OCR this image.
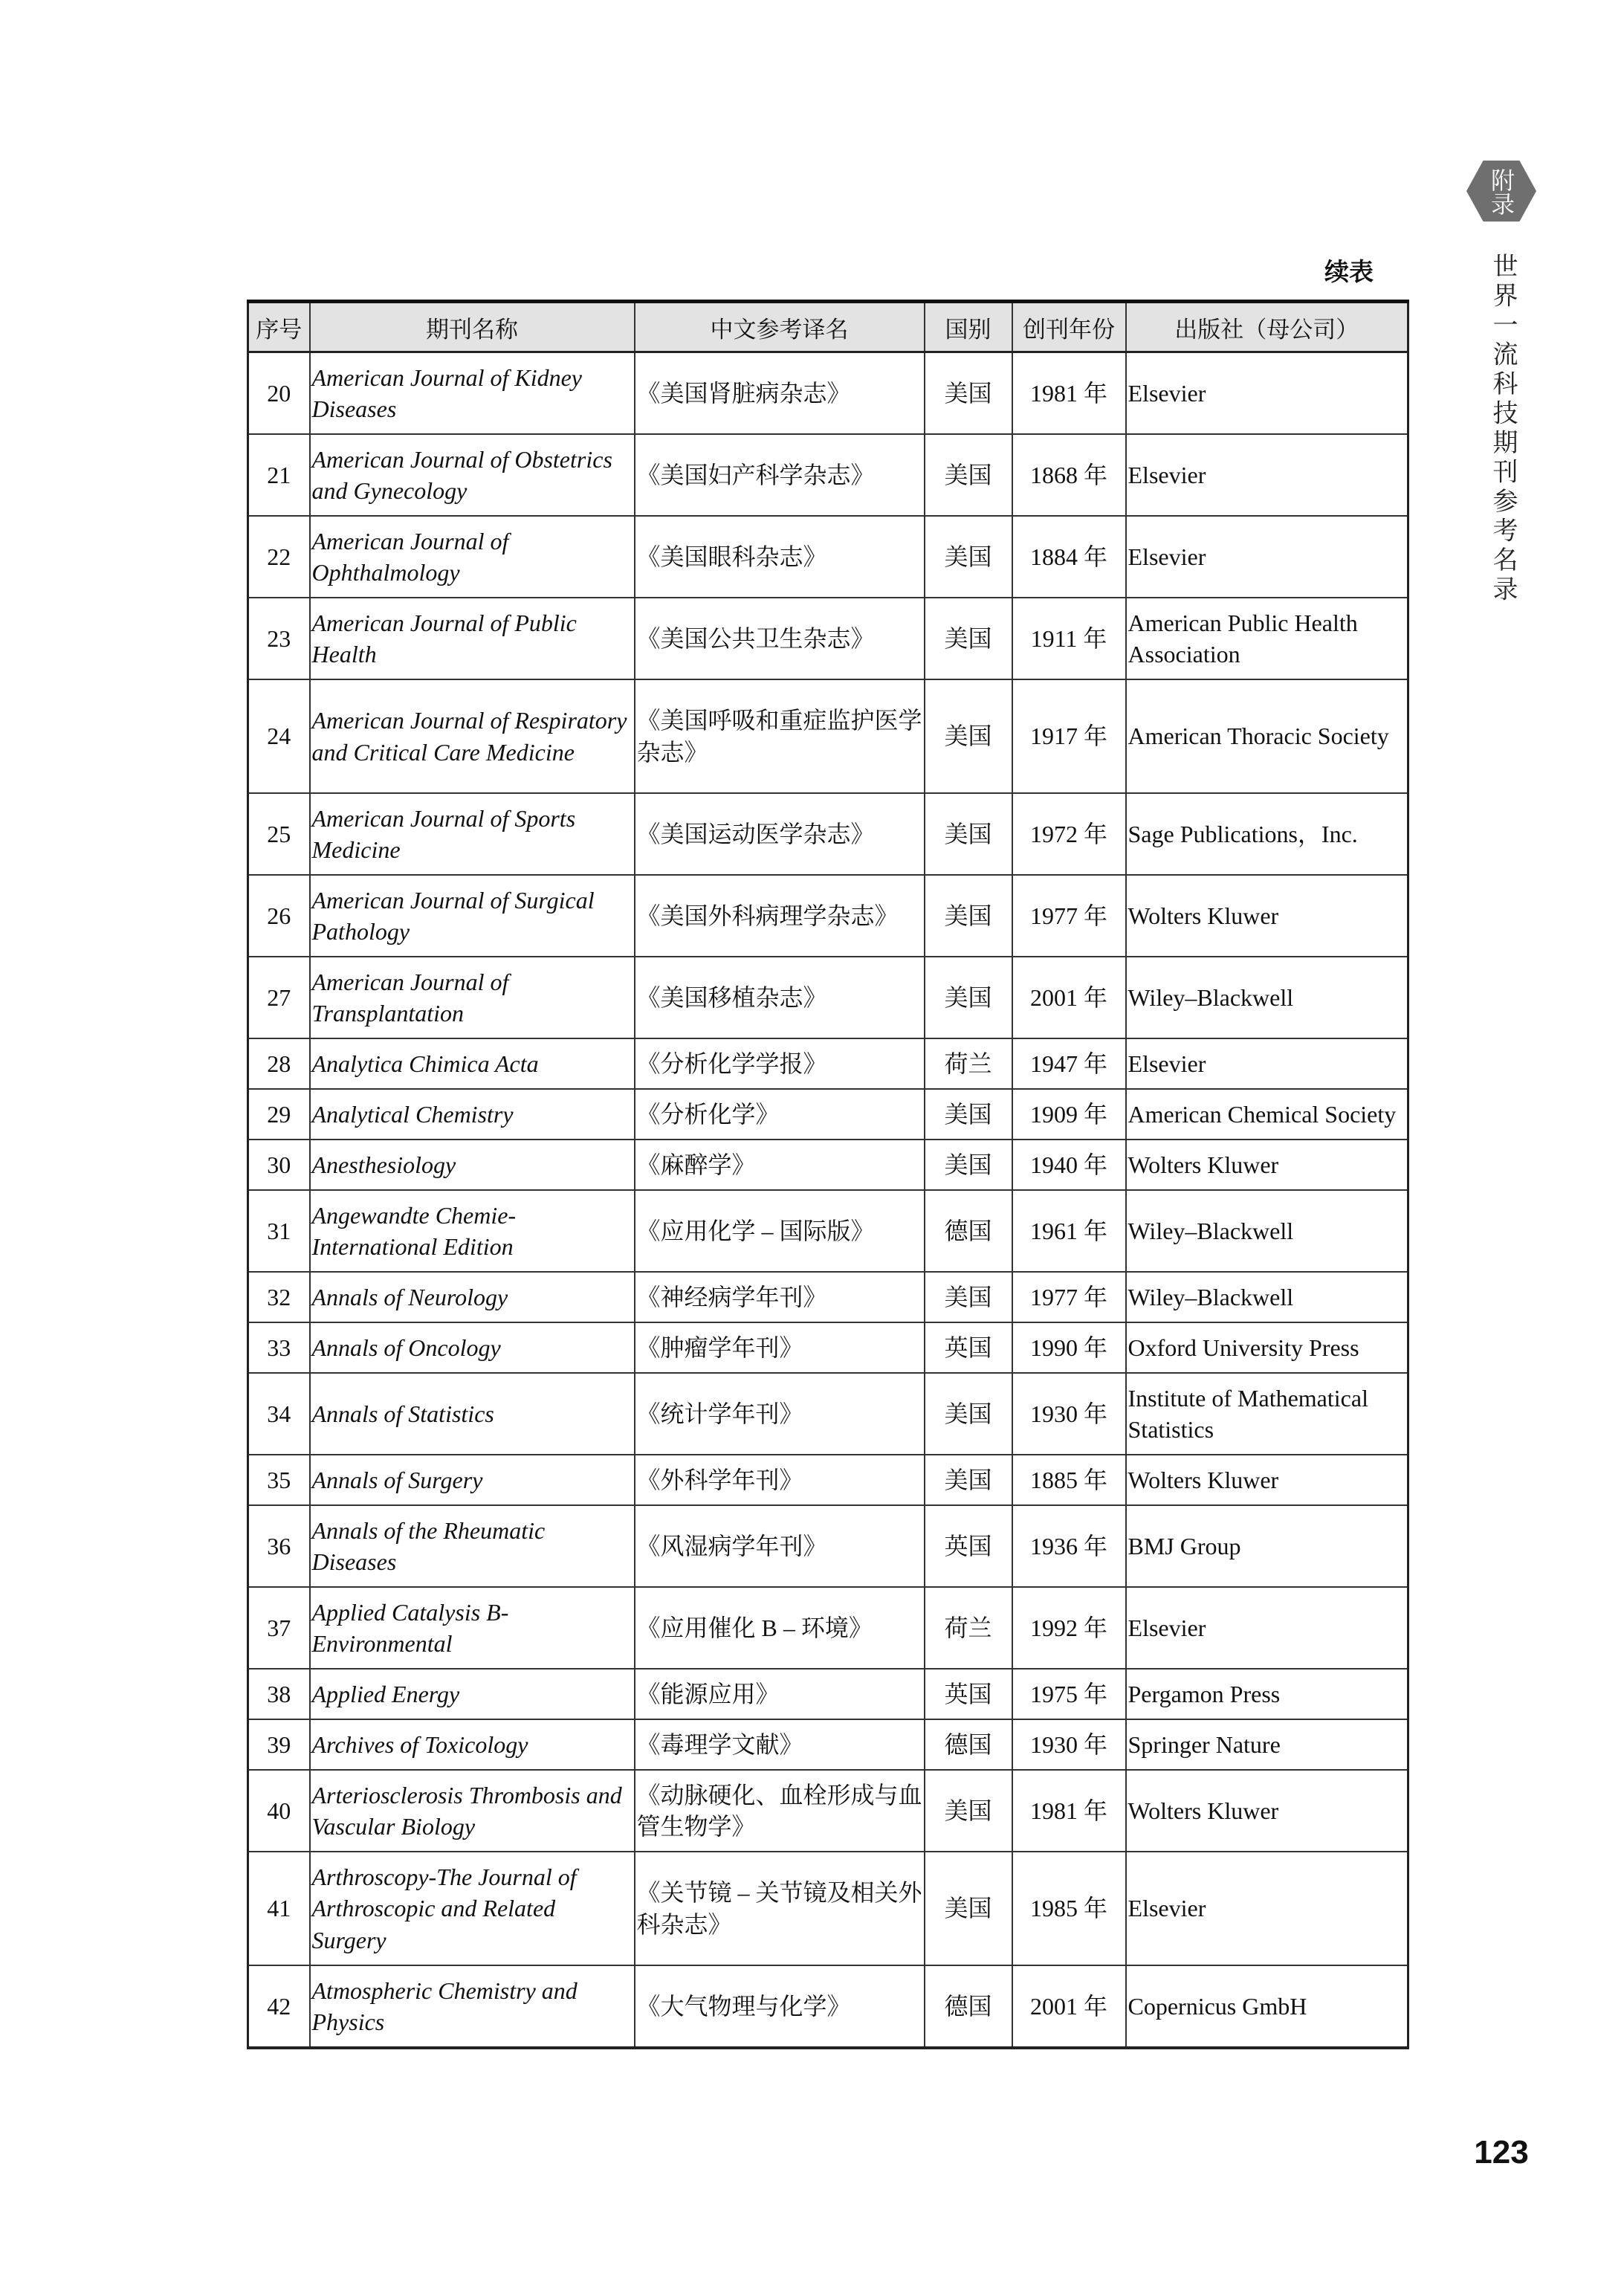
附录
世界一流科技期刊参考名录
续表
序号	期刊名称	中文参考译名	国别	创刊年份	出版社（母公司）
20	American Journal of Kidney Diseases	《美国肾脏病杂志》	美国	1981 年	Elsevier
21	American Journal of Obstetrics and Gynecology	《美国妇产科学杂志》	美国	1868 年	Elsevier
22	American Journal of Ophthalmology	《美国眼科杂志》	美国	1884 年	Elsevier
23	American Journal of Public Health	《美国公共卫生杂志》	美国	1911 年	American Public Health Association
24	American Journal of Respiratory and Critical Care Medicine	《美国呼吸和重症监护医学杂志》	美国	1917 年	American Thoracic Society
25	American Journal of Sports Medicine	《美国运动医学杂志》	美国	1972 年	Sage Publications，Inc.
26	American Journal of Surgical Pathology	《美国外科病理学杂志》	美国	1977 年	Wolters Kluwer
27	American Journal of Transplantation	《美国移植杂志》	美国	2001 年	Wiley–Blackwell
28	Analytica Chimica Acta	《分析化学学报》	荷兰	1947 年	Elsevier
29	Analytical Chemistry	《分析化学》	美国	1909 年	American Chemical Society
30	Anesthesiology	《麻醉学》	美国	1940 年	Wolters Kluwer
31	Angewandte Chemie-International Edition	《应用化学 – 国际版》	德国	1961 年	Wiley–Blackwell
32	Annals of Neurology	《神经病学年刊》	美国	1977 年	Wiley–Blackwell
33	Annals of Oncology	《肿瘤学年刊》	英国	1990 年	Oxford University Press
34	Annals of Statistics	《统计学年刊》	美国	1930 年	Institute of Mathematical Statistics
35	Annals of Surgery	《外科学年刊》	美国	1885 年	Wolters Kluwer
36	Annals of the Rheumatic Diseases	《风湿病学年刊》	英国	1936 年	BMJ Group
37	Applied Catalysis B-Environmental	《应用催化 B – 环境》	荷兰	1992 年	Elsevier
38	Applied Energy	《能源应用》	英国	1975 年	Pergamon Press
39	Archives of Toxicology	《毒理学文献》	德国	1930 年	Springer Nature
40	Arteriosclerosis Thrombosis and Vascular Biology	《动脉硬化、血栓形成与血管生物学》	美国	1981 年	Wolters Kluwer
41	Arthroscopy-The Journal of Arthroscopic and Related Surgery	《关节镜 – 关节镜及相关外科杂志》	美国	1985 年	Elsevier
42	Atmospheric Chemistry and Physics	《大气物理与化学》	德国	2001 年	Copernicus GmbH
123
